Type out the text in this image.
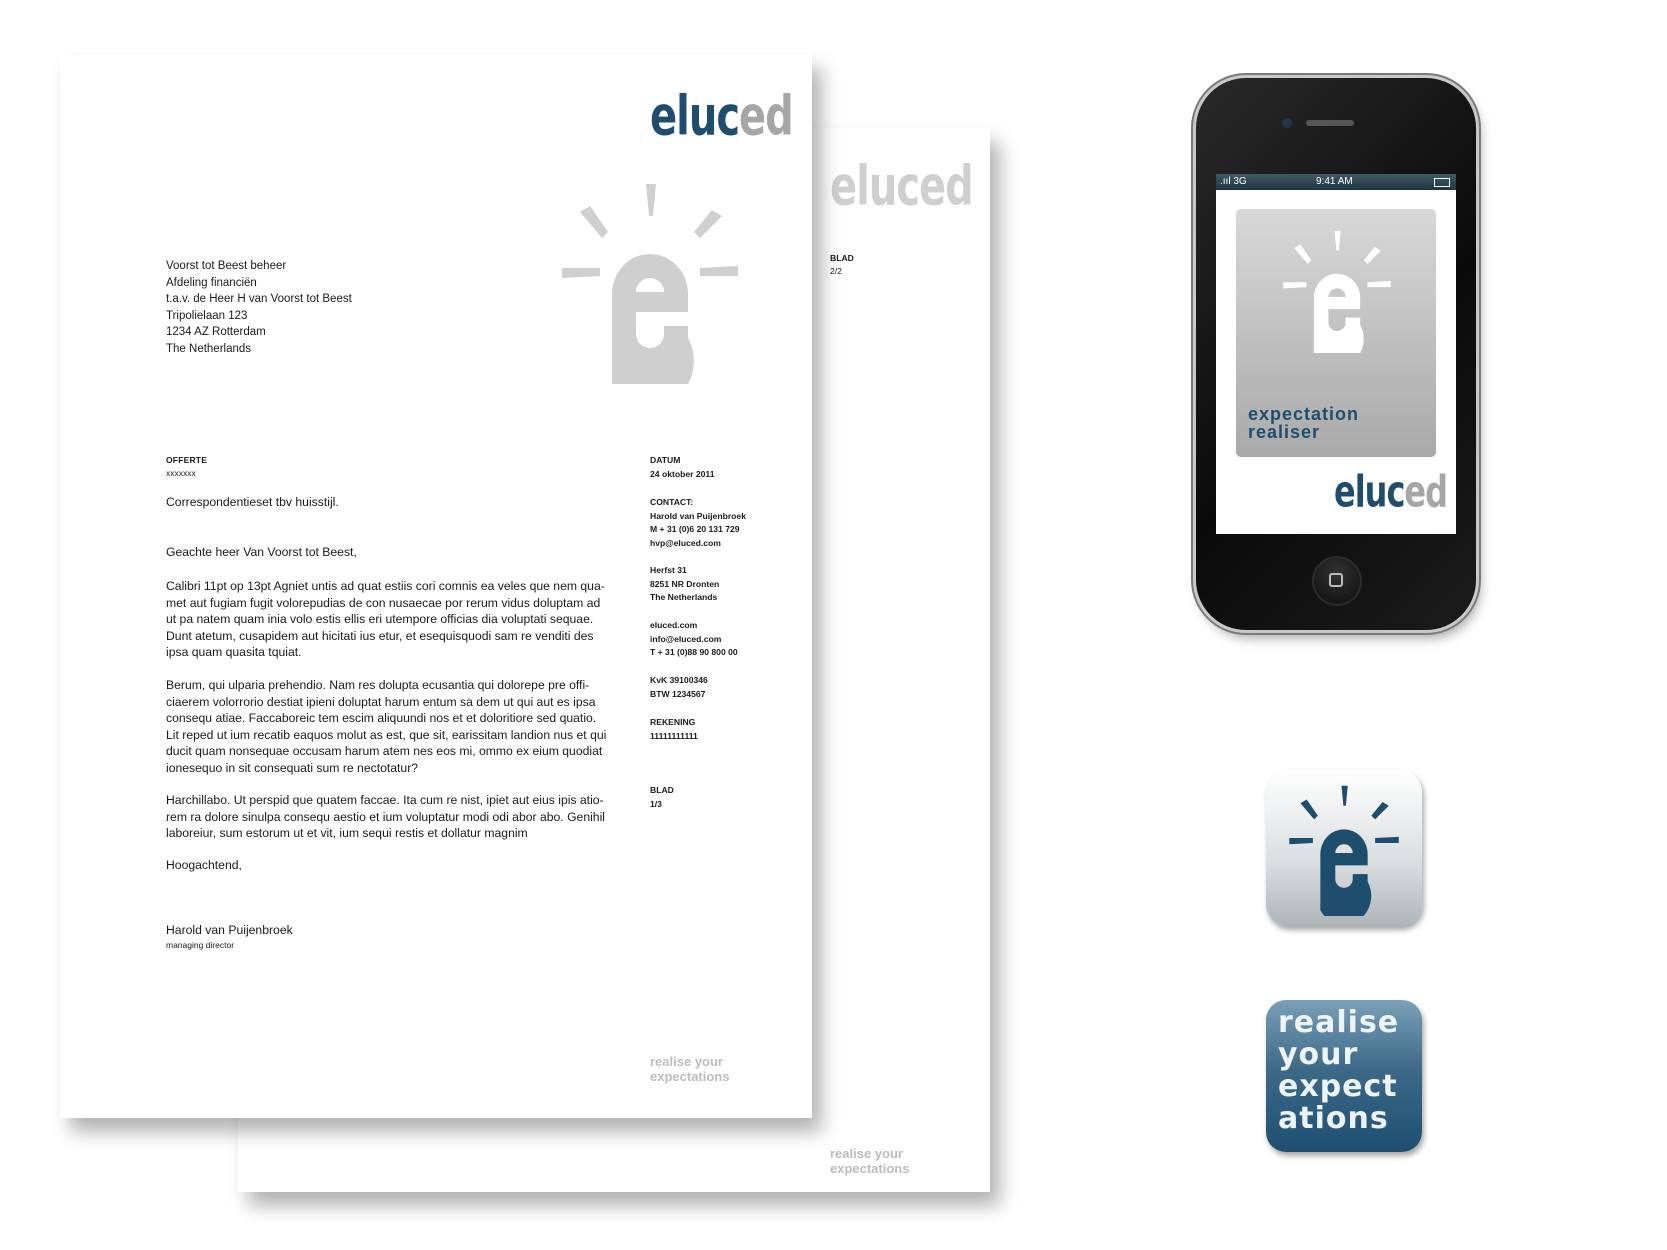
eluced
BLAD
2/2
realise your
expectations
eluced
Voorst tot Beest beheer
Afdeling financiën
t.a.v. de Heer H van Voorst tot Beest
Tripolielaan 123
1234 AZ Rotterdam
The Netherlands
OFFERTE
xxxxxxx
Correspondentieset tbv huisstijl.
Geachte heer Van Voorst tot Beest,
Calibri 11pt op 13pt Agniet untis ad quat estiis cori comnis ea veles que nem qua-
met aut fugiam fugit volorepudias de con nusaecae por rerum vidus doluptam ad
ut pa natem quam inia volo estis ellis eri utempore officias dia voluptati sequae.
Dunt atetum, cusapidem aut hicitati ius etur, et esequisquodi sam re venditi des
ipsa quam quasita tquiat.
Berum, qui ulparia prehendio. Nam res dolupta ecusantia qui dolorepe pre offi-
ciaerem volorrorio destiat ipieni doluptat harum entum sa dem ut qui aut es ipsa
consequ atiae. Faccaboreic tem escim aliquundi nos et et doloritiore sed quatio.
Lit reped ut ium recatib eaquos molut as est, que sit, earissitam landion nus et qui
ducit quam nonsequae occusam harum atem nes eos mi, ommo ex eium quodiat
ionesequo in sit consequati sum re nectotatur?
Harchillabo. Ut perspid que quatem faccae. Ita cum re nist, ipiet aut eius ipis atio-
rem ra dolore sinulpa consequ aestio et ium voluptatur modi odi abor abo. Genihil
laboreiur, sum estorum ut et vit, ium sequi restis et dollatur magnim
Hoogachtend,
Harold van Puijenbroek
managing director
DATUM
24 oktober 2011
CONTACT:
Harold van Puijenbroek
M + 31 (0)6 20 131 729
hvp@eluced.com
Herfst 31
8251 NR Dronten
The Netherlands
eluced.com
info@eluced.com
T + 31 (0)88 90 800 00
KvK 39100346
BTW 1234567
REKENING
11111111111
BLAD
1/3
realise your
expectations
.ııl 3G	9:41 AM
expectation
realiser
eluced
realise
your
expect
ations
